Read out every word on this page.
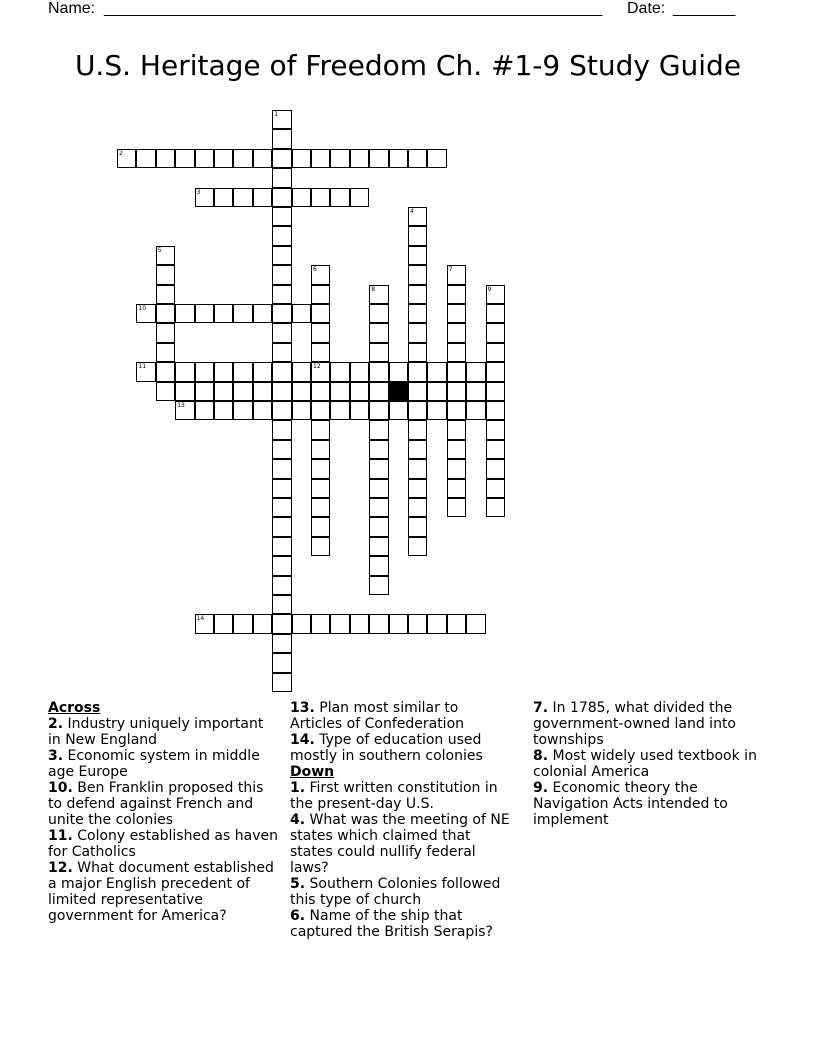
Name: ________________________________________________________ Date: _______
U.S. Heritage of Freedom Ch. #1-9 Study Guide
1
2
3
4
5
6
12
7
8	9
10
11
13
14
Across
2. Industry uniquely important in New England
3. Economic system in middle age Europe
10. Ben Franklin proposed this to defend against French and unite the colonies
11. Colony established as haven for Catholics
12. What document established a major English precedent of limited representative government for America?
13. Plan most similar to Articles of Confederation
14. Type of education used mostly in southern colonies
Down
1. First written constitution in the present-day U.S.
4. What was the meeting of NE states which claimed that states could nullify federal laws?
5. Southern Colonies followed this type of church
6. Name of the ship that captured the British Serapis?
7. In 1785, what divided the government-owned land into townships
8. Most widely used textbook in colonial America
9. Economic theory the Navigation Acts intended to implement
